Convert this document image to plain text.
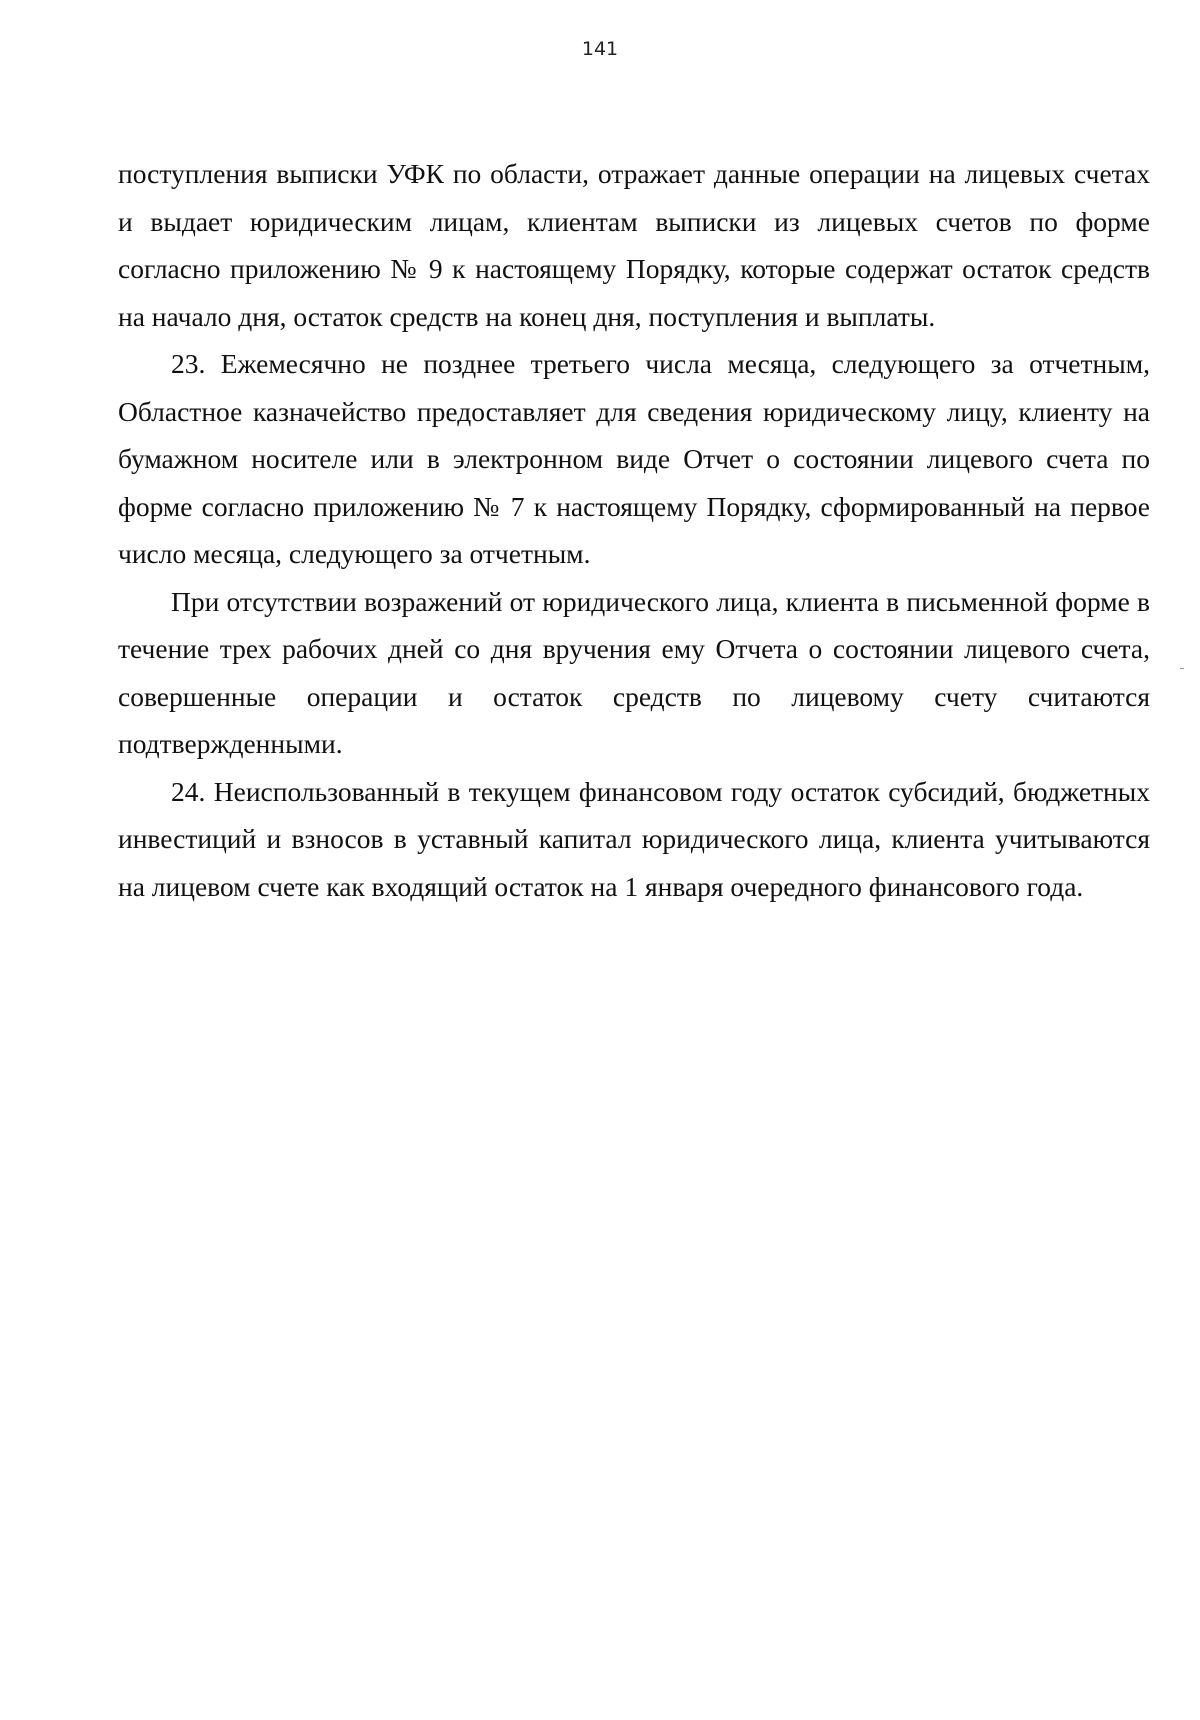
141

поступления выписки УФК по области, отражает данные операции на лицевых счетах и выдает юридическим лицам, клиентам выписки из лицевых счетов по форме согласно приложению № 9 к настоящему Порядку, которые содержат остаток средств на начало дня, остаток средств на конец дня, поступления и выплаты.

23. Ежемесячно не позднее третьего числа месяца, следующего за отчетным, Областное казначейство предоставляет для сведения юридическому лицу, клиенту на бумажном носителе или в электронном виде Отчет о состоянии лицевого счета по форме согласно приложению № 7 к настоящему Порядку, сформированный на первое число месяца, следующего за отчетным.

При отсутствии возражений от юридического лица, клиента в письменной форме в течение трех рабочих дней со дня вручения ему Отчета о состоянии лицевого счета, совершенные операции и остаток средств по лицевому счету считаются подтвержденными.

24. Неиспользованный в текущем финансовом году остаток субсидий, бюджетных инвестиций и взносов в уставный капитал юридического лица, клиента учитываются на лицевом счете как входящий остаток на 1 января очередного финансового года.
